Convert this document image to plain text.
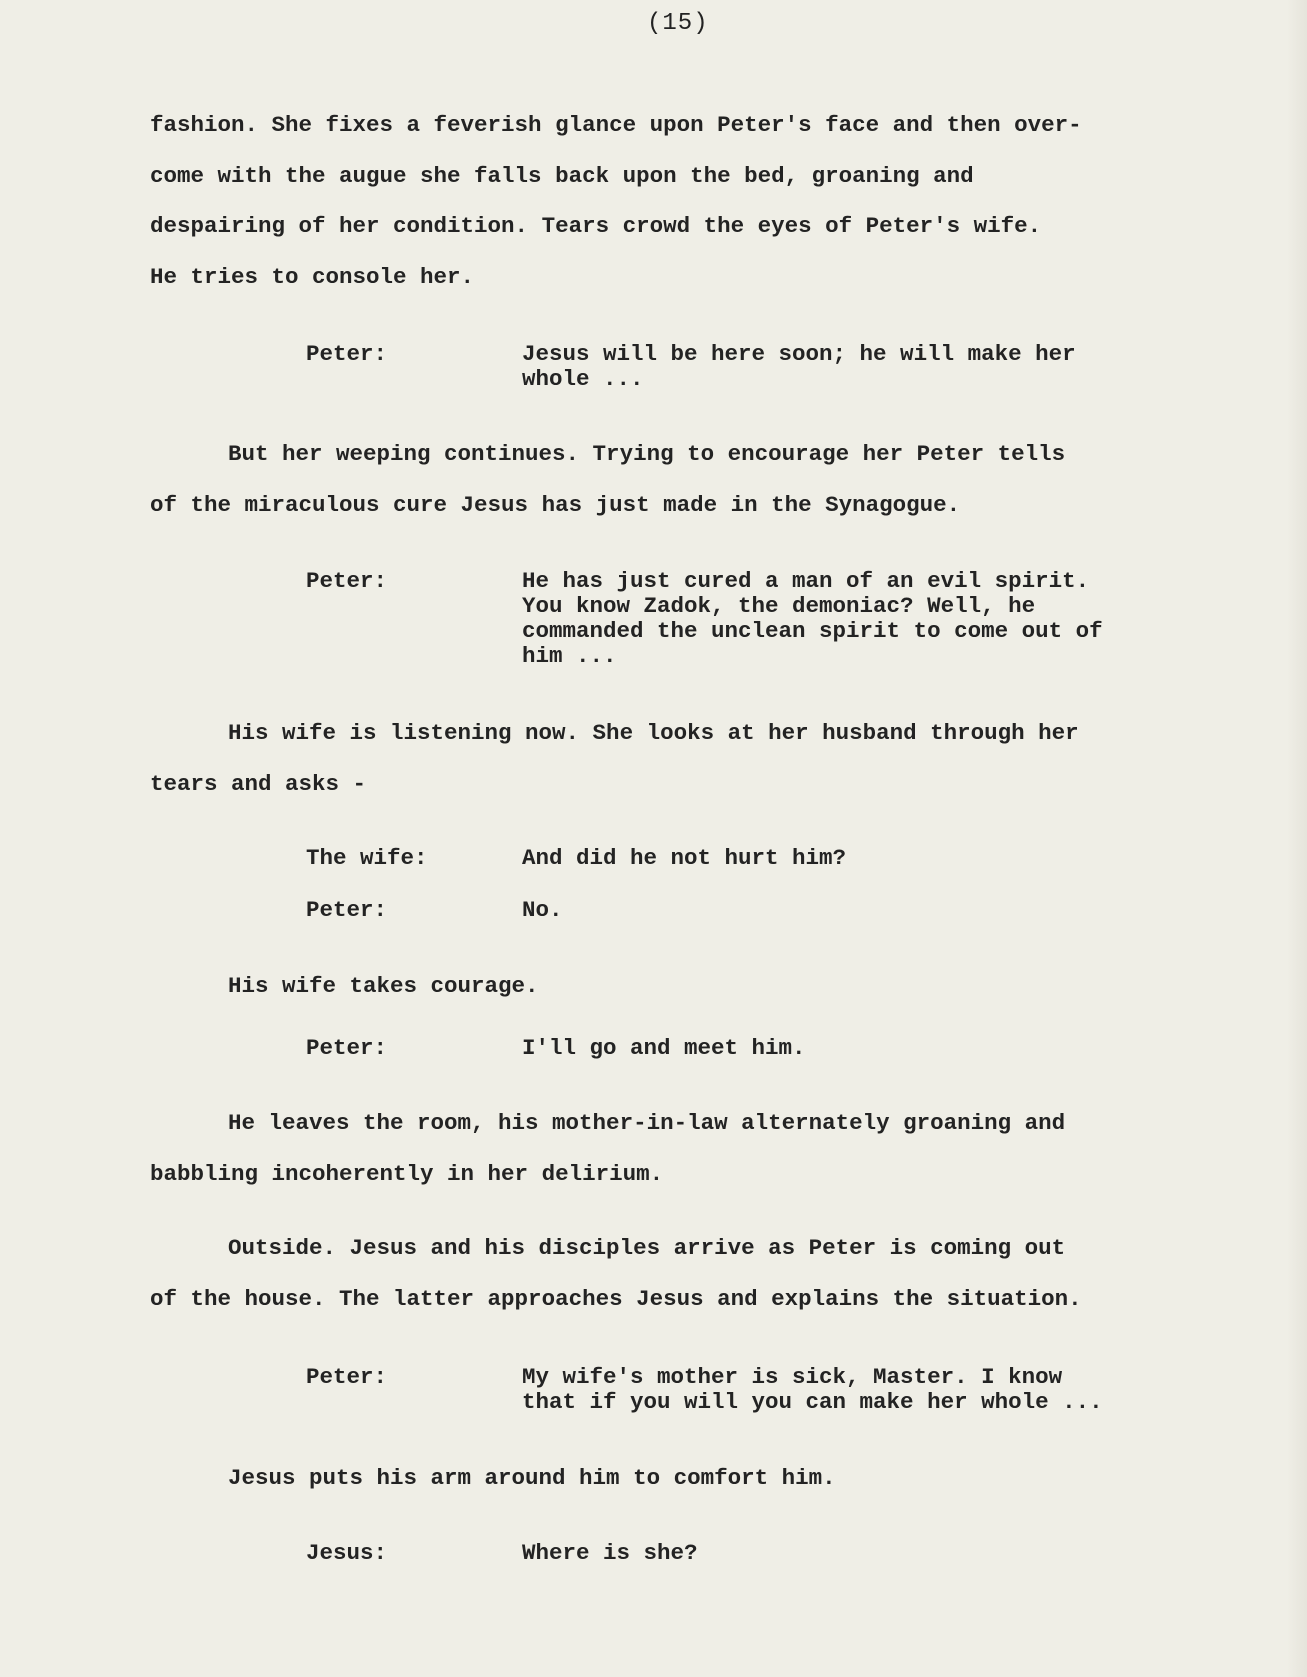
(15)

fashion. She fixes a feverish glance upon Peter's face and then over-
come with the augue she falls back upon the bed, groaning and
despairing of her condition. Tears crowd the eyes of Peter's wife.
He tries to console her.

Peter:	Jesus will be here soon; he will make her
whole ...

But her weeping continues. Trying to encourage her Peter tells
of the miraculous cure Jesus has just made in the Synagogue.

Peter:	He has just cured a man of an evil spirit.
You know Zadok, the demoniac? Well, he
commanded the unclean spirit to come out of
him ...

His wife is listening now. She looks at her husband through her
tears and asks -

The wife:	And did he not hurt him?
Peter:	No.

His wife takes courage.

Peter:	I'll go and meet him.

He leaves the room, his mother-in-law alternately groaning and
babbling incoherently in her delirium.

Outside. Jesus and his disciples arrive as Peter is coming out
of the house. The latter approaches Jesus and explains the situation.

Peter:	My wife's mother is sick, Master. I know
that if you will you can make her whole ...

Jesus puts his arm around him to comfort him.

Jesus:	Where is she?
